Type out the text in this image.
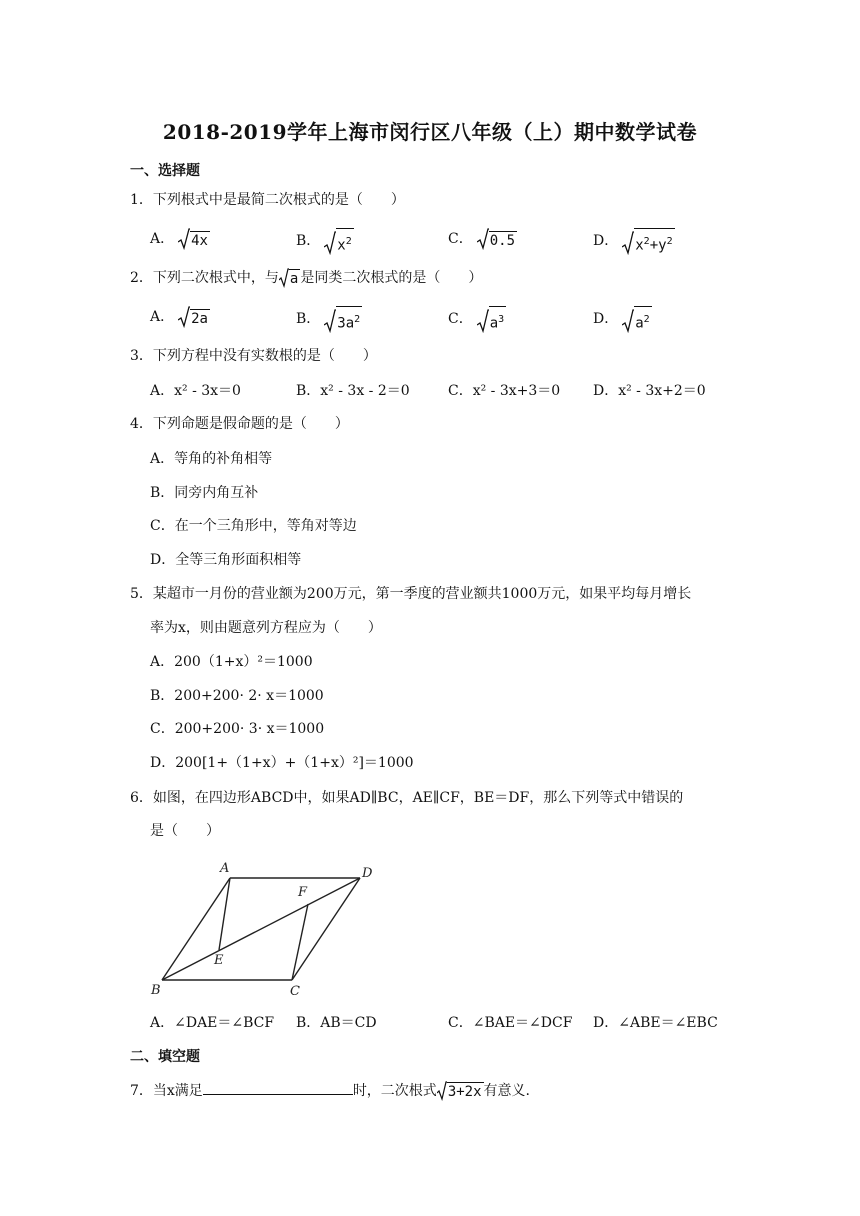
2018-2019学年上海市闵行区八年级（上）期中数学试卷
一、选择题
1．下列根式中是最简二次根式的是（　　）
A． 4x	B． $x^2$	C． 0.5	D． $x^2+y^2$
2．下列二次根式中，与 a 是同类二次根式的是（　　）
A． 2a	B． $3a^2$	C． $a^3$	D． $a^2$
3．下列方程中没有实数根的是（　　）
A．x² - 3x＝0	B．x² - 3x - 2＝0	C．x² - 3x+3＝0 D．x² - 3x+2＝0
4．下列命题是假命题的是（　　）
A．等角的补角相等
B．同旁内角互补
C．在一个三角形中，等角对等边
D．全等三角形面积相等
5．某超市一月份的营业额为200万元，第一季度的营业额共1000万元，如果平均每月增长
率为x，则由题意列方程应为（　　）
A．200（1+x）²＝1000
B．200+200· 2· x＝1000
C．200+200· 3· x＝1000
D．200[1+（1+x）+（1+x）²]＝1000
6．如图，在四边形ABCD中，如果AD∥BC，AE∥CF，BE＝DF，那么下列等式中错误的
是（　　）
A	D
B	C
E
F
A．∠DAE＝∠BCF B．AB＝CD	C．∠BAE＝∠DCF D．∠ABE＝∠EBC
二、填空题
7．当x满足	时，二次根式 3+2x 有意义.
